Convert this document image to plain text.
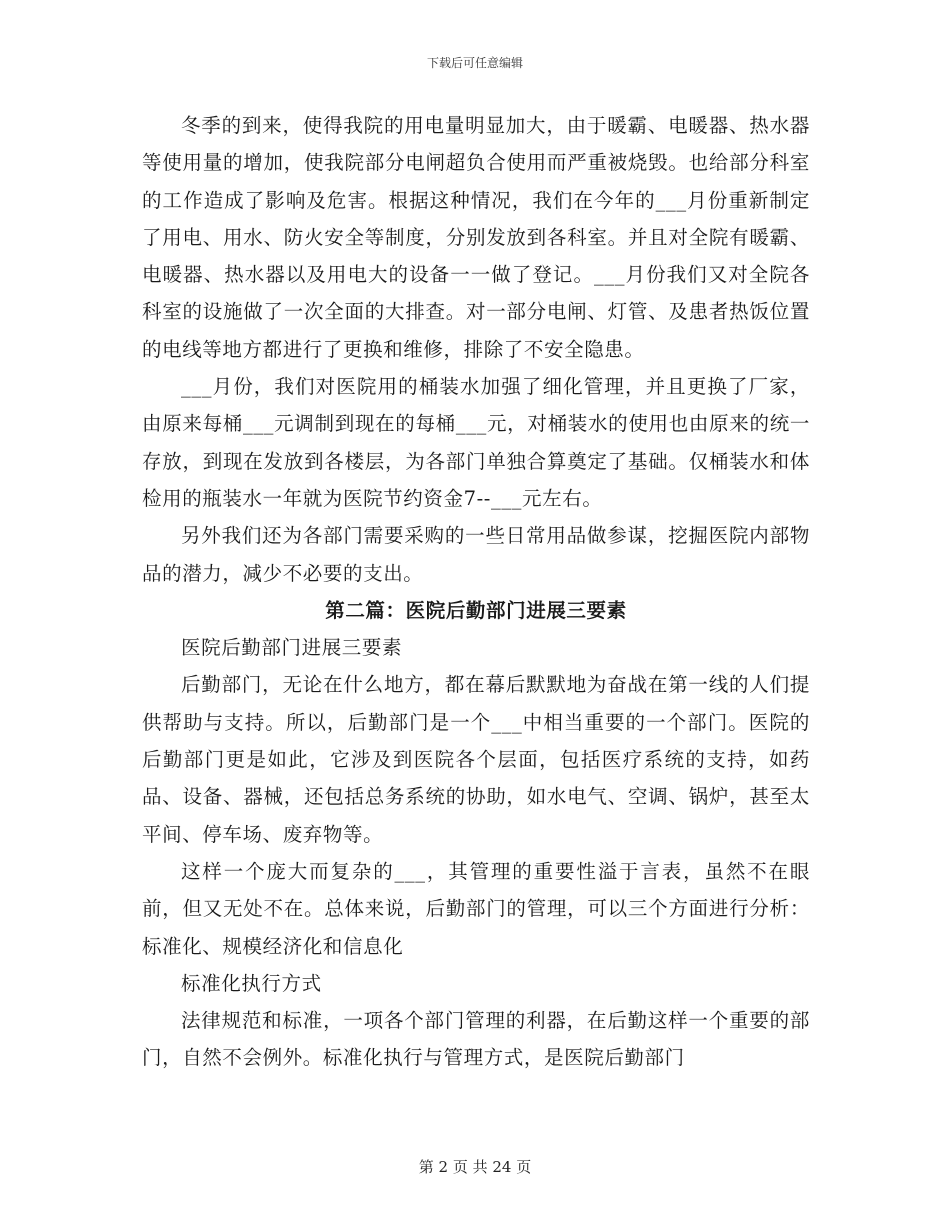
下载后可任意编辑

冬季的到来，使得我院的用电量明显加大，由于暖霸、电暖器、热水器等使用量的增加，使我院部分电闸超负合使用而严重被烧毁。也给部分科室的工作造成了影响及危害。根据这种情况，我们在今年的___月份重新制定了用电、用水、防火安全等制度，分别发放到各科室。并且对全院有暖霸、电暖器、热水器以及用电大的设备一一做了登记。___月份我们又对全院各科室的设施做了一次全面的大排查。对一部分电闸、灯管、及患者热饭位置的电线等地方都进行了更换和维修，排除了不安全隐患。

___月份，我们对医院用的桶装水加强了细化管理，并且更换了厂家，由原来每桶___元调制到现在的每桶___元，对桶装水的使用也由原来的统一存放，到现在发放到各楼层，为各部门单独合算奠定了基础。仅桶装水和体检用的瓶装水一年就为医院节约资金7--___元左右。

另外我们还为各部门需要采购的一些日常用品做参谋，挖掘医院内部物品的潜力，减少不必要的支出。

第二篇：医院后勤部门进展三要素

医院后勤部门进展三要素

后勤部门，无论在什么地方，都在幕后默默地为奋战在第一线的人们提供帮助与支持。所以，后勤部门是一个___中相当重要的一个部门。医院的后勤部门更是如此，它涉及到医院各个层面，包括医疗系统的支持，如药品、设备、器械，还包括总务系统的协助，如水电气、空调、锅炉，甚至太平间、停车场、废弃物等。

这样一个庞大而复杂的___，其管理的重要性溢于言表，虽然不在眼前，但又无处不在。总体来说，后勤部门的管理，可以三个方面进行分析：标准化、规模经济化和信息化

标准化执行方式

法律规范和标准，一项各个部门管理的利器，在后勤这样一个重要的部门，自然不会例外。标准化执行与管理方式，是医院后勤部门

第 2 页 共 24 页
